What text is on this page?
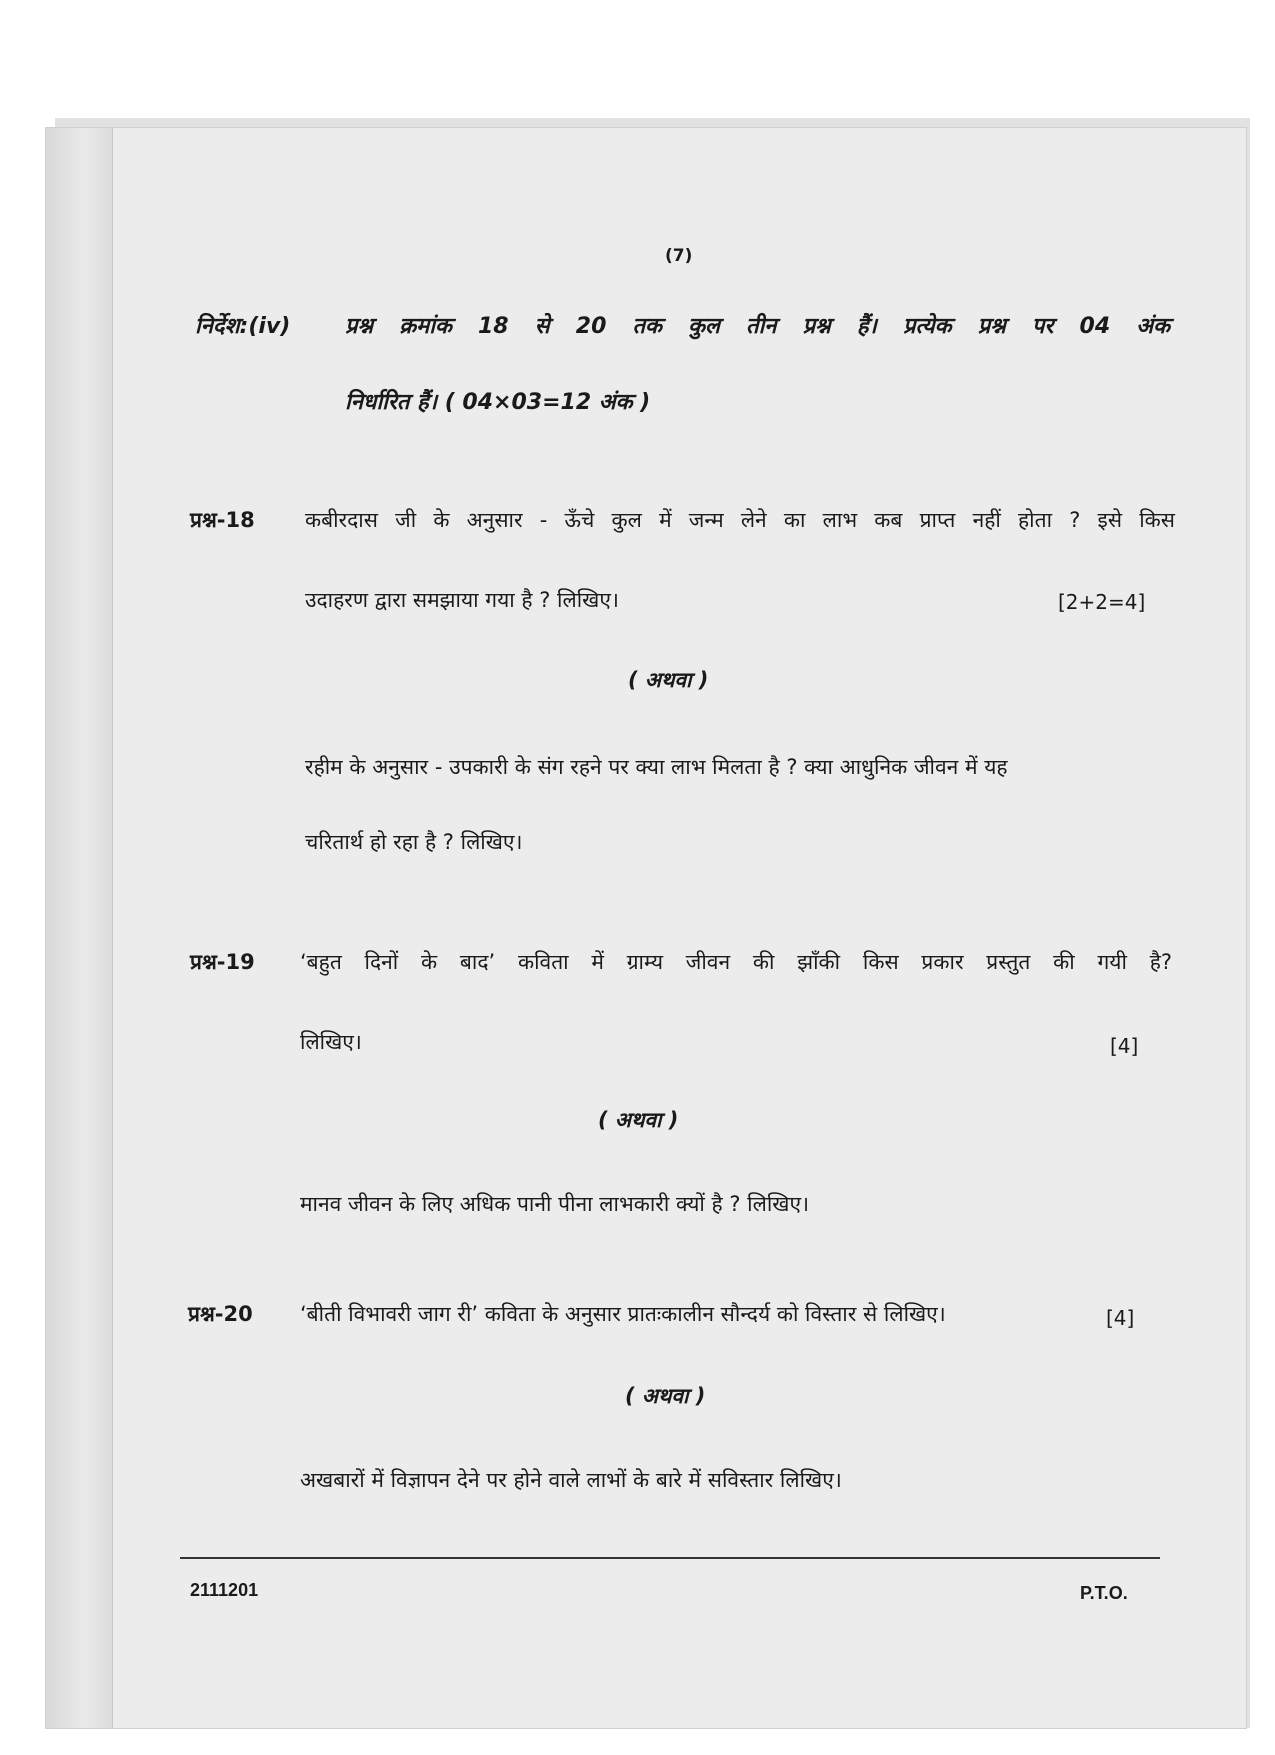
(7)
निर्देश:(iv) प्रश्न क्रमांक 18 से 20 तक कुल तीन प्रश्न हैं। प्रत्येक प्रश्न पर 04 अंक
निर्धारित हैं। ( 04×03=12 अंक )
प्रश्न-18 कबीरदास जी के अनुसार - ऊँचे कुल में जन्म लेने का लाभ कब प्राप्त नहीं होता ? इसे किस
उदाहरण द्वारा समझाया गया है ? लिखिए।	[2+2=4]
( अथवा )
रहीम के अनुसार - उपकारी के संग रहने पर क्या लाभ मिलता है ? क्या आधुनिक जीवन में यह
चरितार्थ हो रहा है ? लिखिए।
प्रश्न-19 ‘बहुत दिनों के बाद’ कविता में ग्राम्य जीवन की झाँकी किस प्रकार प्रस्तुत की गयी है?
लिखिए।	[4]
( अथवा )
मानव जीवन के लिए अधिक पानी पीना लाभकारी क्यों है ? लिखिए।
प्रश्न-20 ‘बीती विभावरी जाग री’ कविता के अनुसार प्रातःकालीन सौन्दर्य को विस्तार से लिखिए।	[4]
( अथवा )
अखबारों में विज्ञापन देने पर होने वाले लाभों के बारे में सविस्तार लिखिए।
2111201	P.T.O.
